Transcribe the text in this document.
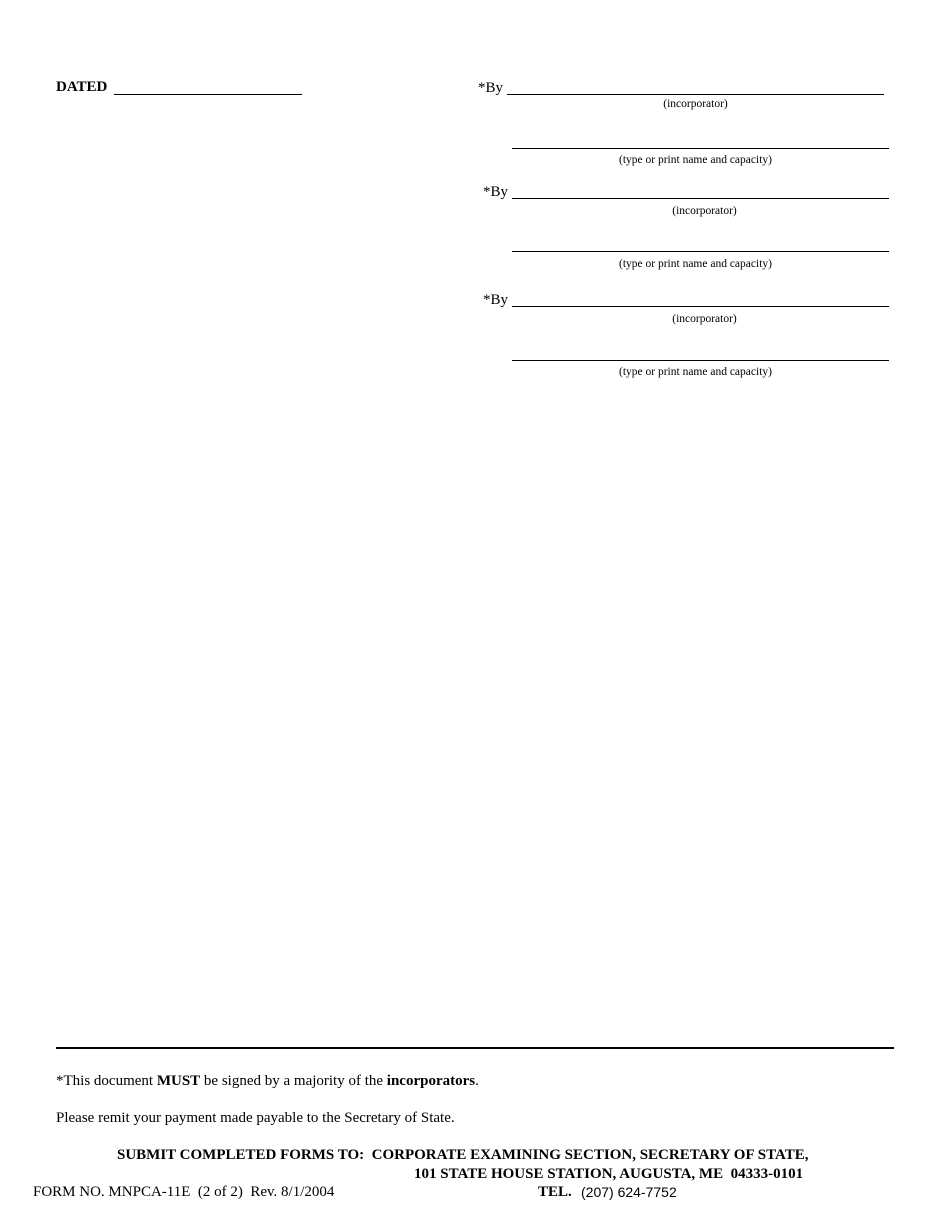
DATED	*By
(incorporator)
(type or print name and capacity)
*By
(incorporator)
(type or print name and capacity)
*By
(incorporator)
(type or print name and capacity)
*This document MUST be signed by a majority of the incorporators.
Please remit your payment made payable to the Secretary of State.
SUBMIT COMPLETED FORMS TO:  CORPORATE EXAMINING SECTION, SECRETARY OF STATE,
101 STATE HOUSE STATION, AUGUSTA, ME  04333-0101
FORM NO. MNPCA-11E  (2 of 2)  Rev. 8/1/2004	TEL. (207) 624-7752
